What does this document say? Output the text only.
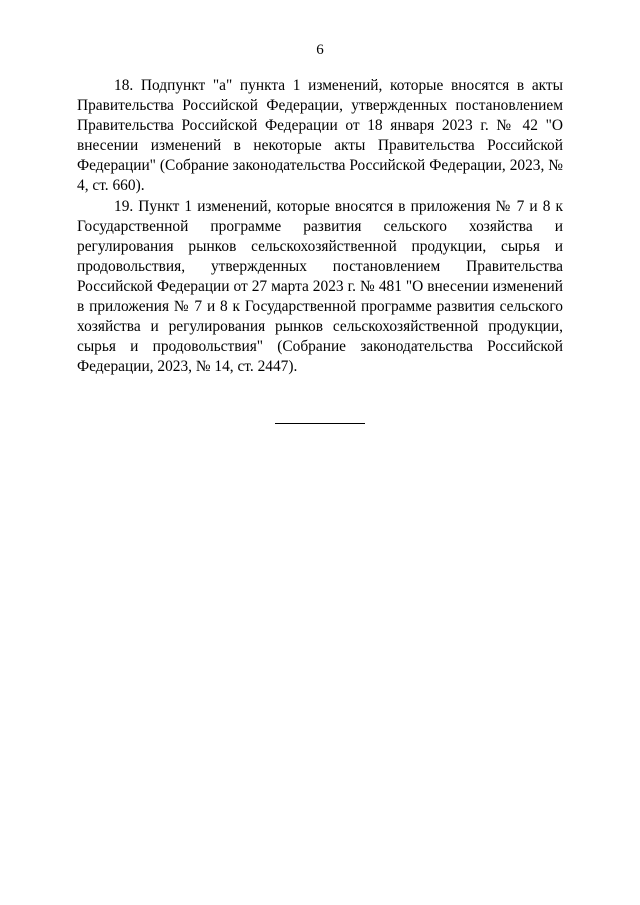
6

18. Подпункт "а" пункта 1 изменений, которые вносятся в акты Правительства Российской Федерации, утвержденных постановлением Правительства Российской Федерации от 18 января 2023 г. № 42 "О внесении изменений в некоторые акты Правительства Российской Федерации" (Собрание законодательства Российской Федерации, 2023, № 4, ст. 660).

19. Пункт 1 изменений, которые вносятся в приложения № 7 и 8 к Государственной программе развития сельского хозяйства и регулирования рынков сельскохозяйственной продукции, сырья и продовольствия, утвержденных постановлением Правительства Российской Федерации от 27 марта 2023 г. № 481 "О внесении изменений в приложения № 7 и 8 к Государственной программе развития сельского хозяйства и регулирования рынков сельскохозяйственной продукции, сырья и продовольствия" (Собрание законодательства Российской Федерации, 2023, № 14, ст. 2447).
